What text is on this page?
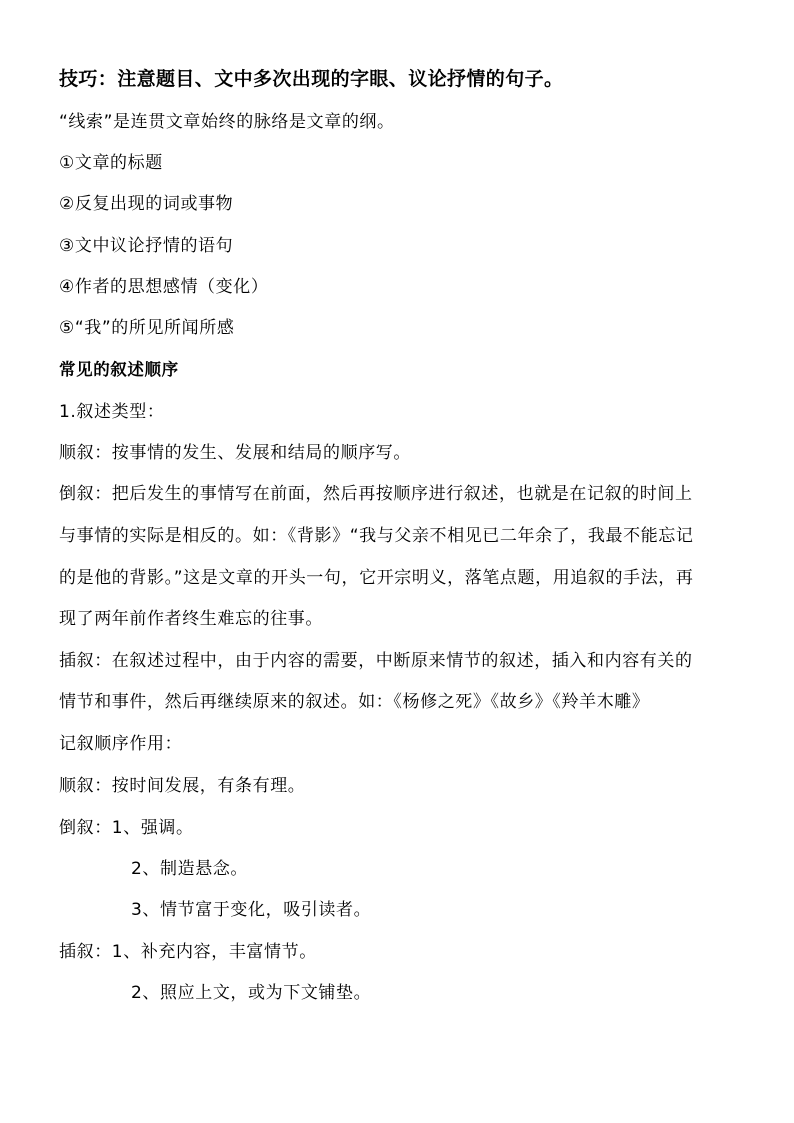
技巧：注意题目、文中多次出现的字眼、议论抒情的句子。
“线索”是连贯文章始终的脉络是文章的纲。
①文章的标题
②反复出现的词或事物
③文中议论抒情的语句
④作者的思想感情（变化）
⑤“我”的所见所闻所感
常见的叙述顺序
1.叙述类型：
顺叙：按事情的发生、发展和结局的顺序写。
倒叙：把后发生的事情写在前面，然后再按顺序进行叙述，也就是在记叙的时间上
与事情的实际是相反的。如：《背影》“我与父亲不相见已二年余了，我最不能忘记
的是他的背影。”这是文章的开头一句，它开宗明义，落笔点题，用追叙的手法，再
现了两年前作者终生难忘的往事。
插叙：在叙述过程中，由于内容的需要，中断原来情节的叙述，插入和内容有关的
情节和事件，然后再继续原来的叙述。如：《杨修之死》《故乡》《羚羊木雕》
记叙顺序作用：
顺叙：按时间发展，有条有理。
倒叙：1、强调。
2、制造悬念。
3、情节富于变化，吸引读者。
插叙：1、补充内容，丰富情节。
2、照应上文，或为下文铺垫。
